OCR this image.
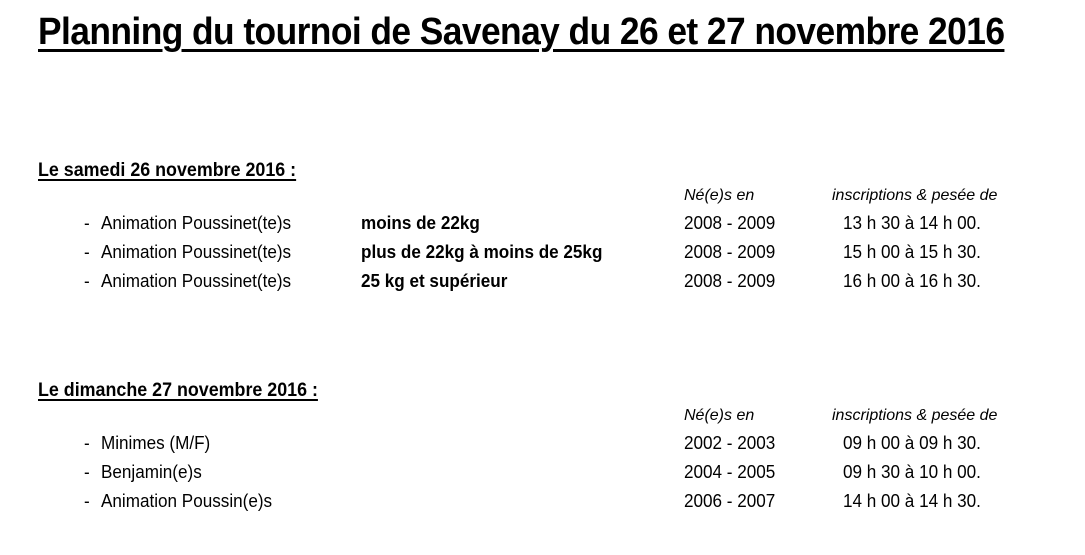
Planning du tournoi de Savenay du 26 et 27 novembre 2016
Le samedi 26 novembre 2016 :
Né(e)s en	inscriptions & pesée de
- Animation Poussinet(te)s	moins de 22kg	2008 - 2009	13 h 30 à 14 h 00.
- Animation Poussinet(te)s	plus de 22kg à moins de 25kg	2008 - 2009	15 h 00 à 15 h 30.
- Animation Poussinet(te)s	25 kg et supérieur	2008 - 2009	16 h 00 à 16 h 30.
Le dimanche 27 novembre 2016 :
Né(e)s en	inscriptions & pesée de
- Minimes (M/F)	2002 - 2003	09 h 00 à 09 h 30.
- Benjamin(e)s	2004 - 2005	09 h 30 à 10 h 00.
- Animation Poussin(e)s	2006 - 2007	14 h 00 à 14 h 30.
